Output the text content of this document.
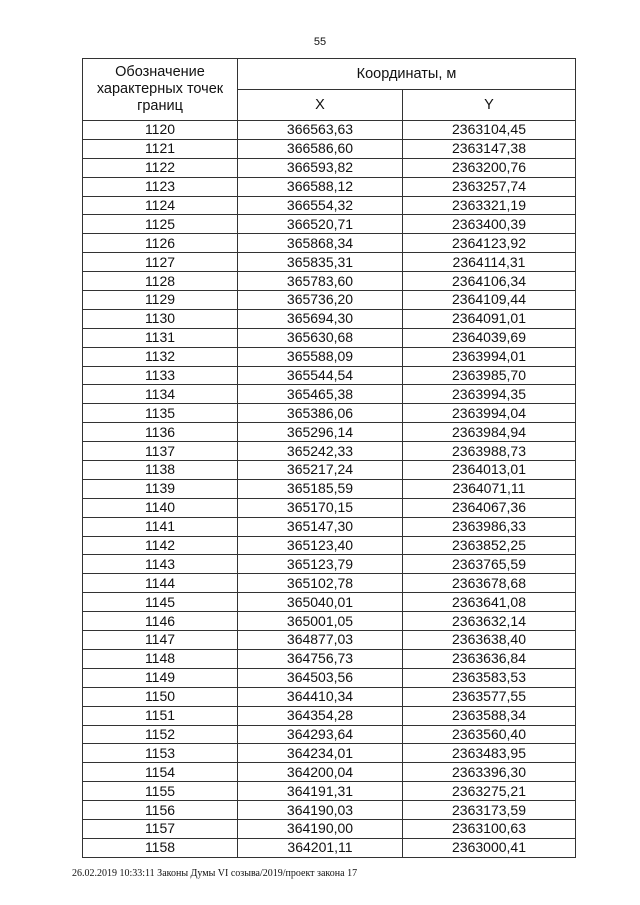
55
Обозначение характерных точек границ	Координаты, м	
	X	Y
1120	366563,63	2363104,45
1121	366586,60	2363147,38
1122	366593,82	2363200,76
1123	366588,12	2363257,74
1124	366554,32	2363321,19
1125	366520,71	2363400,39
1126	365868,34	2364123,92
1127	365835,31	2364114,31
1128	365783,60	2364106,34
1129	365736,20	2364109,44
1130	365694,30	2364091,01
1131	365630,68	2364039,69
1132	365588,09	2363994,01
1133	365544,54	2363985,70
1134	365465,38	2363994,35
1135	365386,06	2363994,04
1136	365296,14	2363984,94
1137	365242,33	2363988,73
1138	365217,24	2364013,01
1139	365185,59	2364071,11
1140	365170,15	2364067,36
1141	365147,30	2363986,33
1142	365123,40	2363852,25
1143	365123,79	2363765,59
1144	365102,78	2363678,68
1145	365040,01	2363641,08
1146	365001,05	2363632,14
1147	364877,03	2363638,40
1148	364756,73	2363636,84
1149	364503,56	2363583,53
1150	364410,34	2363577,55
1151	364354,28	2363588,34
1152	364293,64	2363560,40
1153	364234,01	2363483,95
1154	364200,04	2363396,30
1155	364191,31	2363275,21
1156	364190,03	2363173,59
1157	364190,00	2363100,63
1158	364201,11	2363000,41
26.02.2019 10:33:11 Законы Думы VI созыва/2019/проект закона 17
